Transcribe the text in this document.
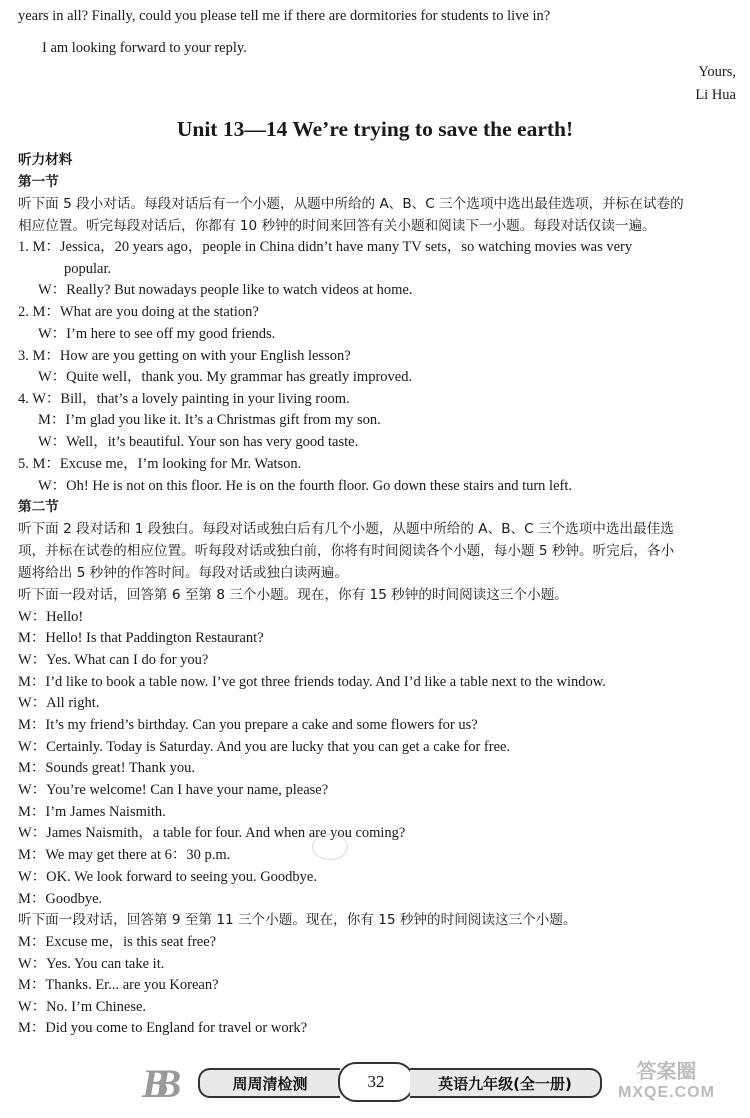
years in all? Finally, could you please tell me if there are dormitories for students to live in?
I am looking forward to your reply.
Yours,
Li Hua
Unit 13—14 We’re trying to save the earth!
听力材料
第一节
听下面 5 段小对话。每段对话后有一个小题，从题中所给的 A、B、C 三个选项中选出最佳选项，并标在试卷的
相应位置。听完每段对话后，你都有 10 秒钟的时间来回答有关小题和阅读下一小题。每段对话仅读一遍。
1. M：Jessica，20 years ago，people in China didn’t have many TV sets，so watching movies was very
popular.
W：Really? But nowadays people like to watch videos at home.
2. M：What are you doing at the station?
W：I’m here to see off my good friends.
3. M：How are you getting on with your English lesson?
W：Quite well，thank you. My grammar has greatly improved.
4. W：Bill，that’s a lovely painting in your living room.
M：I’m glad you like it. It’s a Christmas gift from my son.
W：Well，it’s beautiful. Your son has very good taste.
5. M：Excuse me，I’m looking for Mr. Watson.
W：Oh! He is not on this floor. He is on the fourth floor. Go down these stairs and turn left.
第二节
听下面 2 段对话和 1 段独白。每段对话或独白后有几个小题，从题中所给的 A、B、C 三个选项中选出最佳选
项，并标在试卷的相应位置。听每段对话或独白前，你将有时间阅读各个小题，每小题 5 秒钟。听完后，各小
题将给出 5 秒钟的作答时间。每段对话或独白读两遍。
听下面一段对话，回答第 6 至第 8 三个小题。现在，你有 15 秒钟的时间阅读这三个小题。
W：Hello!
M：Hello! Is that Paddington Restaurant?
W：Yes. What can I do for you?
M：I’d like to book a table now. I’ve got three friends today. And I’d like a table next to the window.
W：All right.
M：It’s my friend’s birthday. Can you prepare a cake and some flowers for us?
W：Certainly. Today is Saturday. And you are lucky that you can get a cake for free.
M：Sounds great! Thank you.
W：You’re welcome! Can I have your name, please?
M：I’m James Naismith.
W：James Naismith，a table for four. And when are you coming?
M：We may get there at 6：30 p.m.
W：OK. We look forward to seeing you. Goodbye.
M：Goodbye.
听下面一段对话，回答第 9 至第 11 三个小题。现在，你有 15 秒钟的时间阅读这三个小题。
M：Excuse me，is this seat free?
W：Yes. You can take it.
M：Thanks. Er... are you Korean?
W：No. I’m Chinese.
M：Did you come to England for travel or work?
BB	周周清检测	32	英语九年级(全一册)
答案圈
MXQE.COM
